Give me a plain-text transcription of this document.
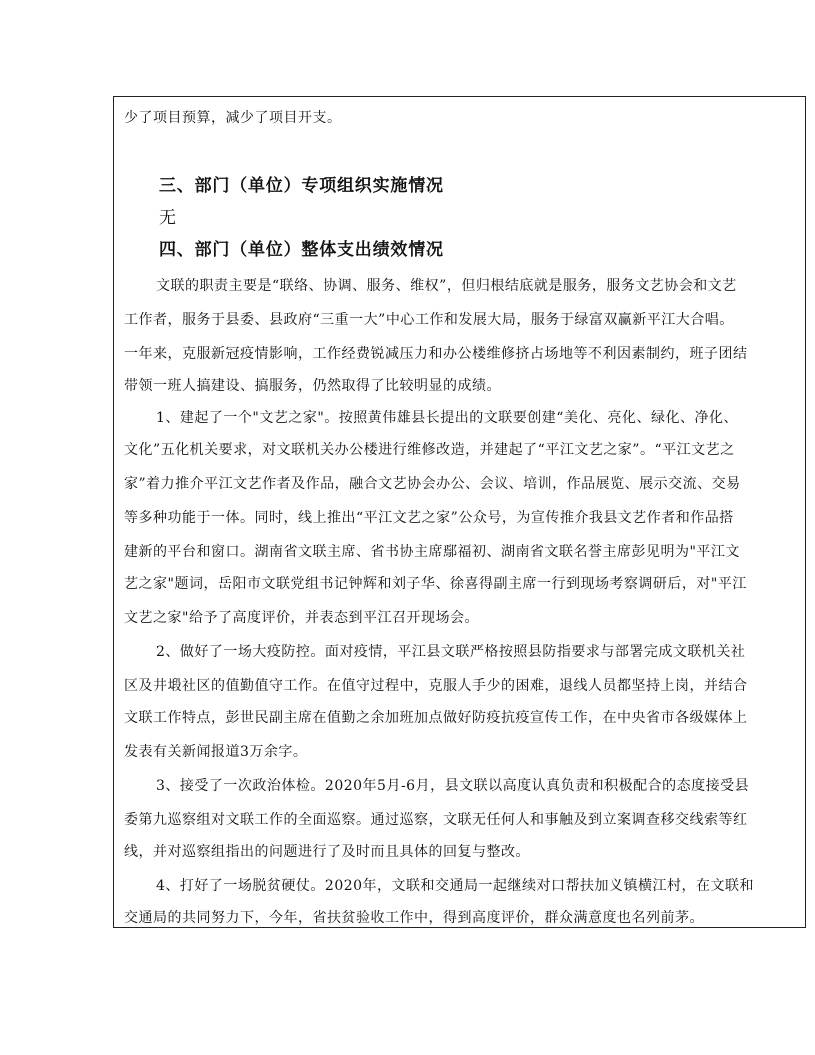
少了项目预算，减少了项目开支。
三、部门（单位）专项组织实施情况
无
四、部门（单位）整体支出绩效情况
文联的职责主要是“联络、协调、服务、维权”，但归根结底就是服务，服务文艺协会和文艺
工作者，服务于县委、县政府“三重一大”中心工作和发展大局，服务于绿富双赢新平江大合唱。
一年来，克服新冠疫情影响，工作经费锐减压力和办公楼维修挤占场地等不利因素制约，班子团结
带领一班人搞建设、搞服务，仍然取得了比较明显的成绩。
1、建起了一个"文艺之家"。按照黄伟雄县长提出的文联要创建“美化、亮化、绿化、净化、
文化”五化机关要求，对文联机关办公楼进行维修改造，并建起了“平江文艺之家”。“平江文艺之
家”着力推介平江文艺作者及作品，融合文艺协会办公、会议、培训，作品展览、展示交流、交易
等多种功能于一体。同时，线上推出“平江文艺之家”公众号，为宣传推介我县文艺作者和作品搭
建新的平台和窗口。湖南省文联主席、省书协主席鄢福初、湖南省文联名誉主席彭见明为"平江文
艺之家"题词，岳阳市文联党组书记钟辉和刘子华、徐喜得副主席一行到现场考察调研后，对"平江
文艺之家"给予了高度评价，并表态到平江召开现场会。
2、做好了一场大疫防控。面对疫情，平江县文联严格按照县防指要求与部署完成文联机关社
区及井塅社区的值勤值守工作。在值守过程中，克服人手少的困难，退线人员都坚持上岗，并结合
文联工作特点，彭世民副主席在值勤之余加班加点做好防疫抗疫宣传工作，在中央省市各级媒体上
发表有关新闻报道3万余字。
3、接受了一次政治体检。2020年5月-6月，县文联以高度认真负责和积极配合的态度接受县
委第九巡察组对文联工作的全面巡察。通过巡察，文联无任何人和事触及到立案调查移交线索等红
线，并对巡察组指出的问题进行了及时而且具体的回复与整改。
4、打好了一场脱贫硬仗。2020年，文联和交通局一起继续对口帮扶加义镇横江村，在文联和
交通局的共同努力下，今年，省扶贫验收工作中，得到高度评价，群众满意度也名列前茅。
